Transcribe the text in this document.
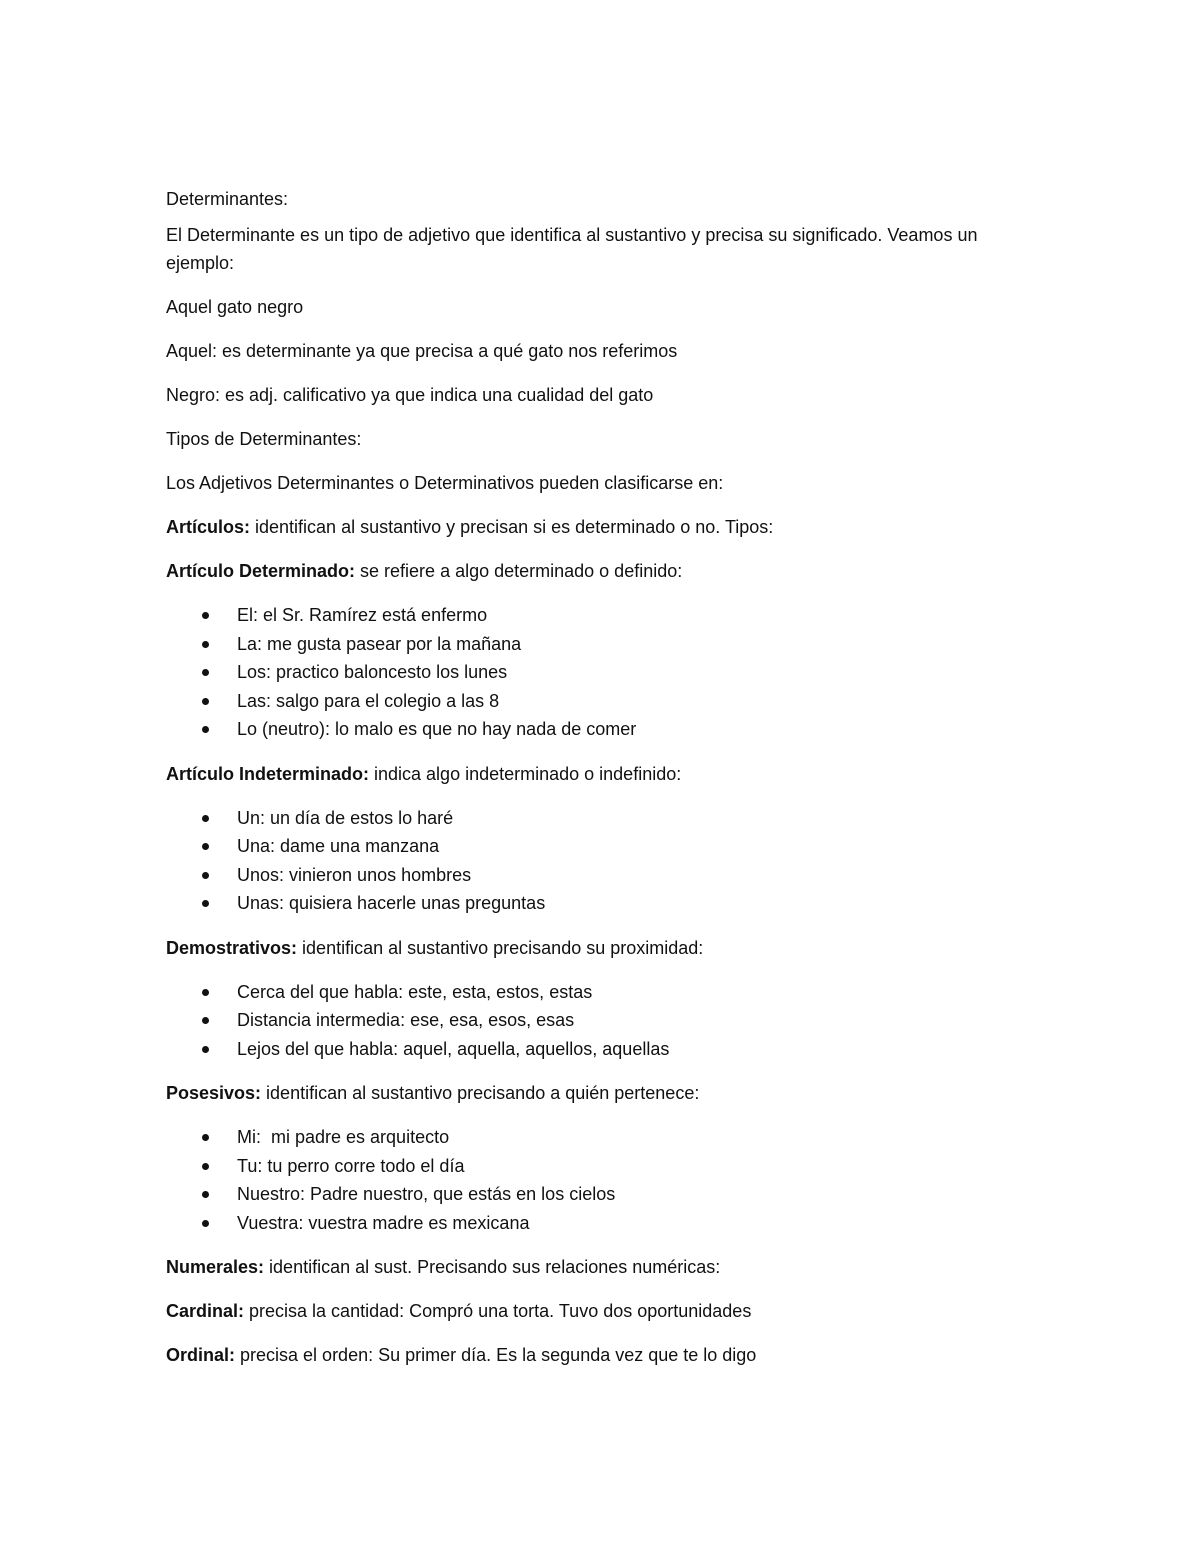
Determinantes:

El Determinante es un tipo de adjetivo que identifica al sustantivo y precisa su significado. Veamos un ejemplo:

Aquel gato negro

Aquel: es determinante ya que precisa a qué gato nos referimos

Negro: es adj. calificativo ya que indica una cualidad del gato

Tipos de Determinantes:

Los Adjetivos Determinantes o Determinativos pueden clasificarse en:

Artículos: identifican al sustantivo y precisan si es determinado o no. Tipos:

Artículo Determinado: se refiere a algo determinado o definido:

El: el Sr. Ramírez está enfermo
La: me gusta pasear por la mañana
Los: practico baloncesto los lunes
Las: salgo para el colegio a las 8
Lo (neutro): lo malo es que no hay nada de comer

Artículo Indeterminado: indica algo indeterminado o indefinido:

Un: un día de estos lo haré
Una: dame una manzana
Unos: vinieron unos hombres
Unas: quisiera hacerle unas preguntas

Demostrativos: identifican al sustantivo precisando su proximidad:

Cerca del que habla: este, esta, estos, estas
Distancia intermedia: ese, esa, esos, esas
Lejos del que habla: aquel, aquella, aquellos, aquellas

Posesivos: identifican al sustantivo precisando a quién pertenece:

Mi:  mi padre es arquitecto
Tu: tu perro corre todo el día
Nuestro: Padre nuestro, que estás en los cielos
Vuestra: vuestra madre es mexicana

Numerales: identifican al sust. Precisando sus relaciones numéricas:

Cardinal: precisa la cantidad: Compró una torta. Tuvo dos oportunidades

Ordinal: precisa el orden: Su primer día. Es la segunda vez que te lo digo
